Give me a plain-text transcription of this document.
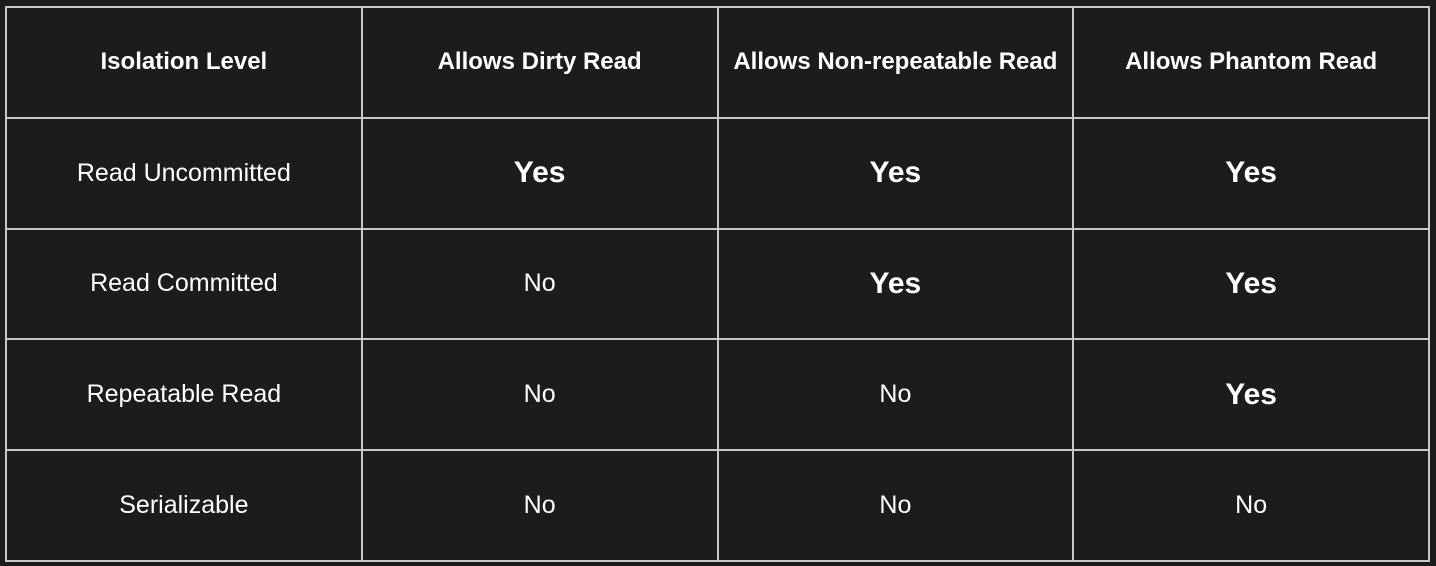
Isolation Level	Allows Dirty Read	Allows Non-repeatable Read	Allows Phantom Read
Read Uncommitted	Yes	Yes	Yes
Read Committed	No	Yes	Yes
Repeatable Read	No	No	Yes
Serializable	No	No	No
